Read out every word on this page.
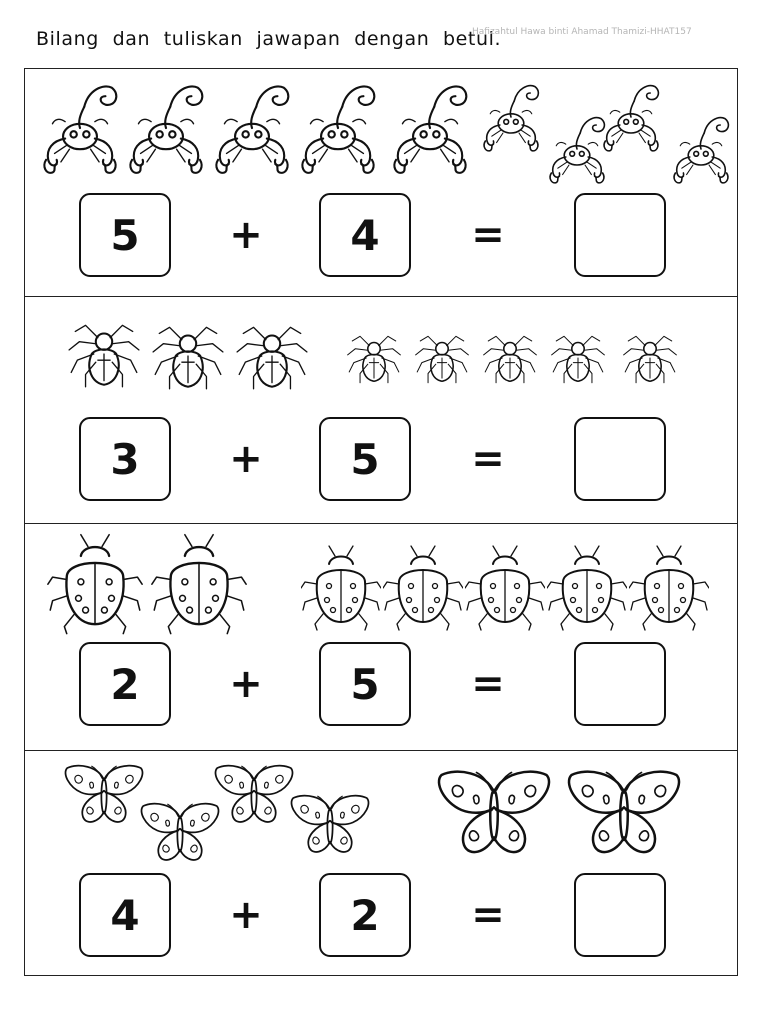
Bilang dan tuliskan jawapan dengan betul.
Hafizahtul Hawa binti Ahamad Thamizi-HHAT157
5	+	4	=
3	+	5	=
2	+	5	=
4	+	2	=
